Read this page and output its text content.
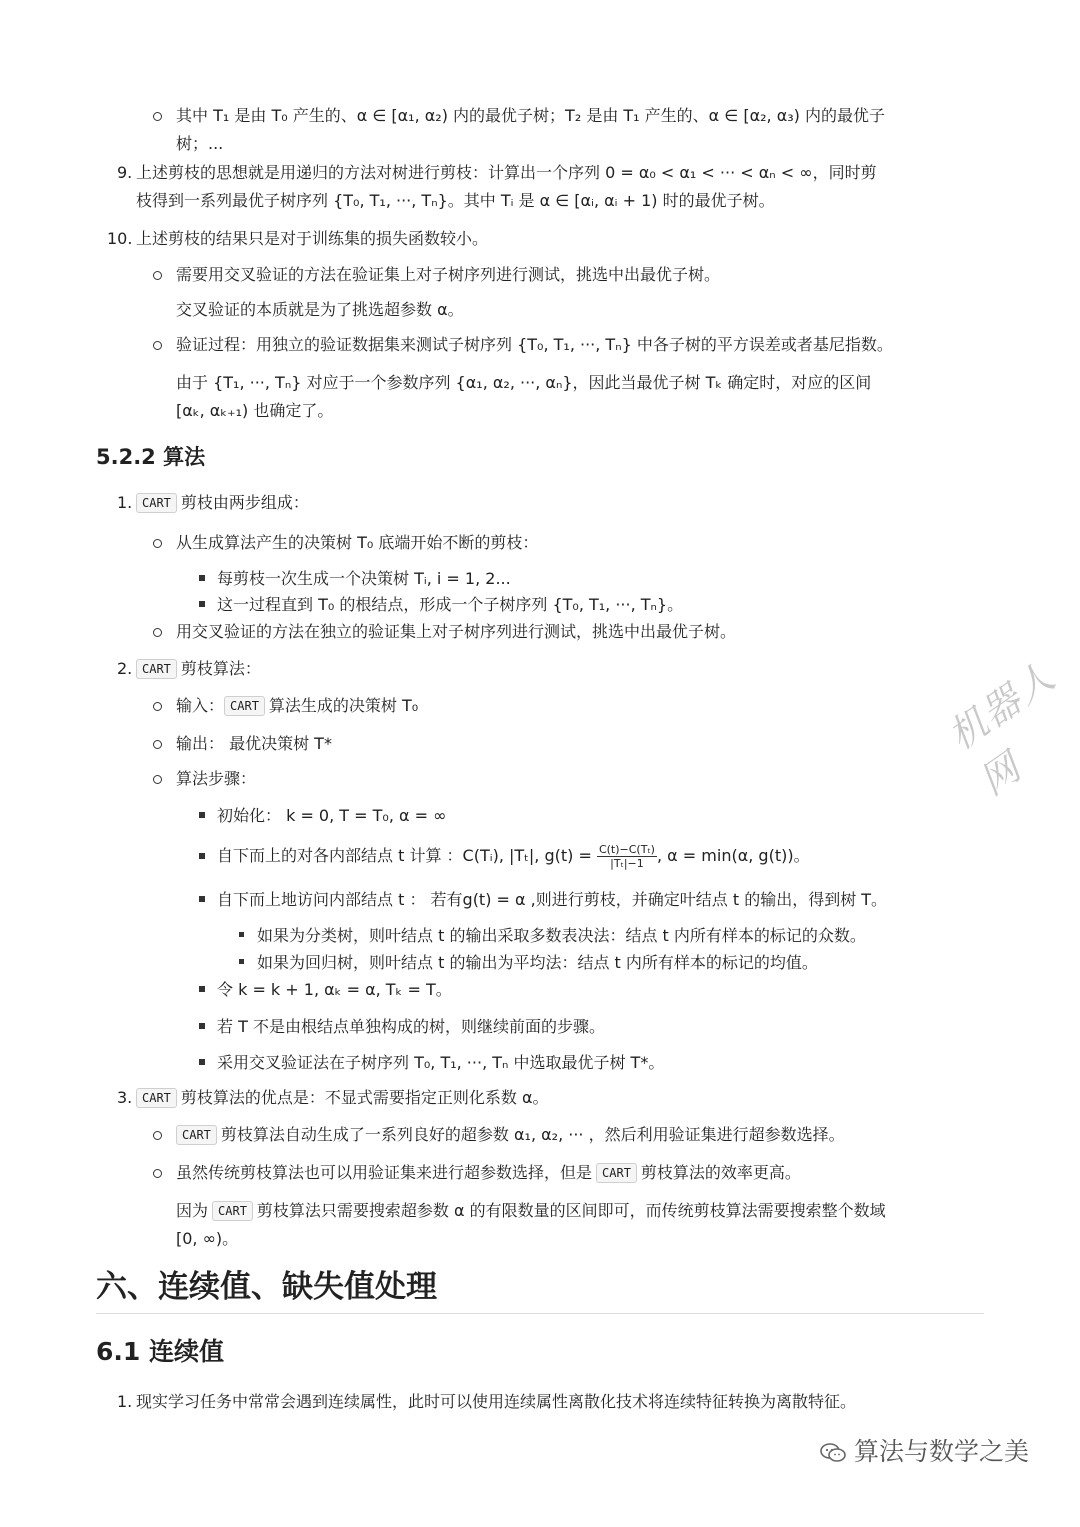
其中 T₁ 是由 T₀ 产生的、α ∈ [α₁, α₂) 内的最优子树；T₂ 是由 T₁ 产生的、α ∈ [α₂, α₃) 内的最优子
树；...
9. 上述剪枝的思想就是用递归的方法对树进行剪枝：计算出一个序列 0 = α₀ < α₁ < ··· < αₙ < ∞，同时剪
枝得到一系列最优子树序列 {T₀, T₁, ···, Tₙ}。其中 Tᵢ 是 α ∈ [αᵢ, αᵢ + 1) 时的最优子树。
10. 上述剪枝的结果只是对于训练集的损失函数较小。
需要用交叉验证的方法在验证集上对子树序列进行测试，挑选中出最优子树。
交叉验证的本质就是为了挑选超参数 α。
验证过程：用独立的验证数据集来测试子树序列 {T₀, T₁, ···, Tₙ} 中各子树的平方误差或者基尼指数。
由于 {T₁, ···, Tₙ} 对应于一个参数序列 {α₁, α₂, ···, αₙ}，因此当最优子树 Tₖ 确定时，对应的区间
[αₖ, αₖ₊₁) 也确定了。
5.2.2 算法
1. CART 剪枝由两步组成：
从生成算法产生的决策树 T₀ 底端开始不断的剪枝：
每剪枝一次生成一个决策树 Tᵢ, i = 1, 2...
这一过程直到 T₀ 的根结点，形成一个子树序列 {T₀, T₁, ···, Tₙ}。
用交叉验证的方法在独立的验证集上对子树序列进行测试，挑选中出最优子树。
2. CART 剪枝算法：
输入： CART 算法生成的决策树 T₀
输出： 最优决策树 T*
算法步骤：
初始化： k = 0, T = T₀, α = ∞
自下而上的对各内部结点 t 计算 ：C(Tᵢ), |Tₜ|, $g(t) = \frac{\text{C(t)−C(Tₜ)}}{\text{|Tₜ|−1}}$ , α = min(α, g(t))。
自下而上地访问内部结点 t ： 若有g(t) = α ,则进行剪枝，并确定叶结点 t 的输出，得到树 T。
如果为分类树，则叶结点 t 的输出采取多数表决法：结点 t 内所有样本的标记的众数。
如果为回归树，则叶结点 t 的输出为平均法：结点 t 内所有样本的标记的均值。
令 k = k + 1, αₖ = α, Tₖ = T。
若 T 不是由根结点单独构成的树，则继续前面的步骤。
采用交叉验证法在子树序列 T₀, T₁, ···, Tₙ 中选取最优子树 T*。
3. CART 剪枝算法的优点是：不显式需要指定正则化系数 α。
CART 剪枝算法自动生成了一系列良好的超参数 α₁, α₂, ··· ，然后利用验证集进行超参数选择。
虽然传统剪枝算法也可以用验证集来进行超参数选择，但是 CART 剪枝算法的效率更高。
因为 CART 剪枝算法只需要搜索超参数 α 的有限数量的区间即可，而传统剪枝算法需要搜索整个数域
[0, ∞)。
六、连续值、缺失值处理
6.1 连续值
1. 现实学习任务中常常会遇到连续属性，此时可以使用连续属性离散化技术将连续特征转换为离散特征。
机器人网
算法与数学之美
